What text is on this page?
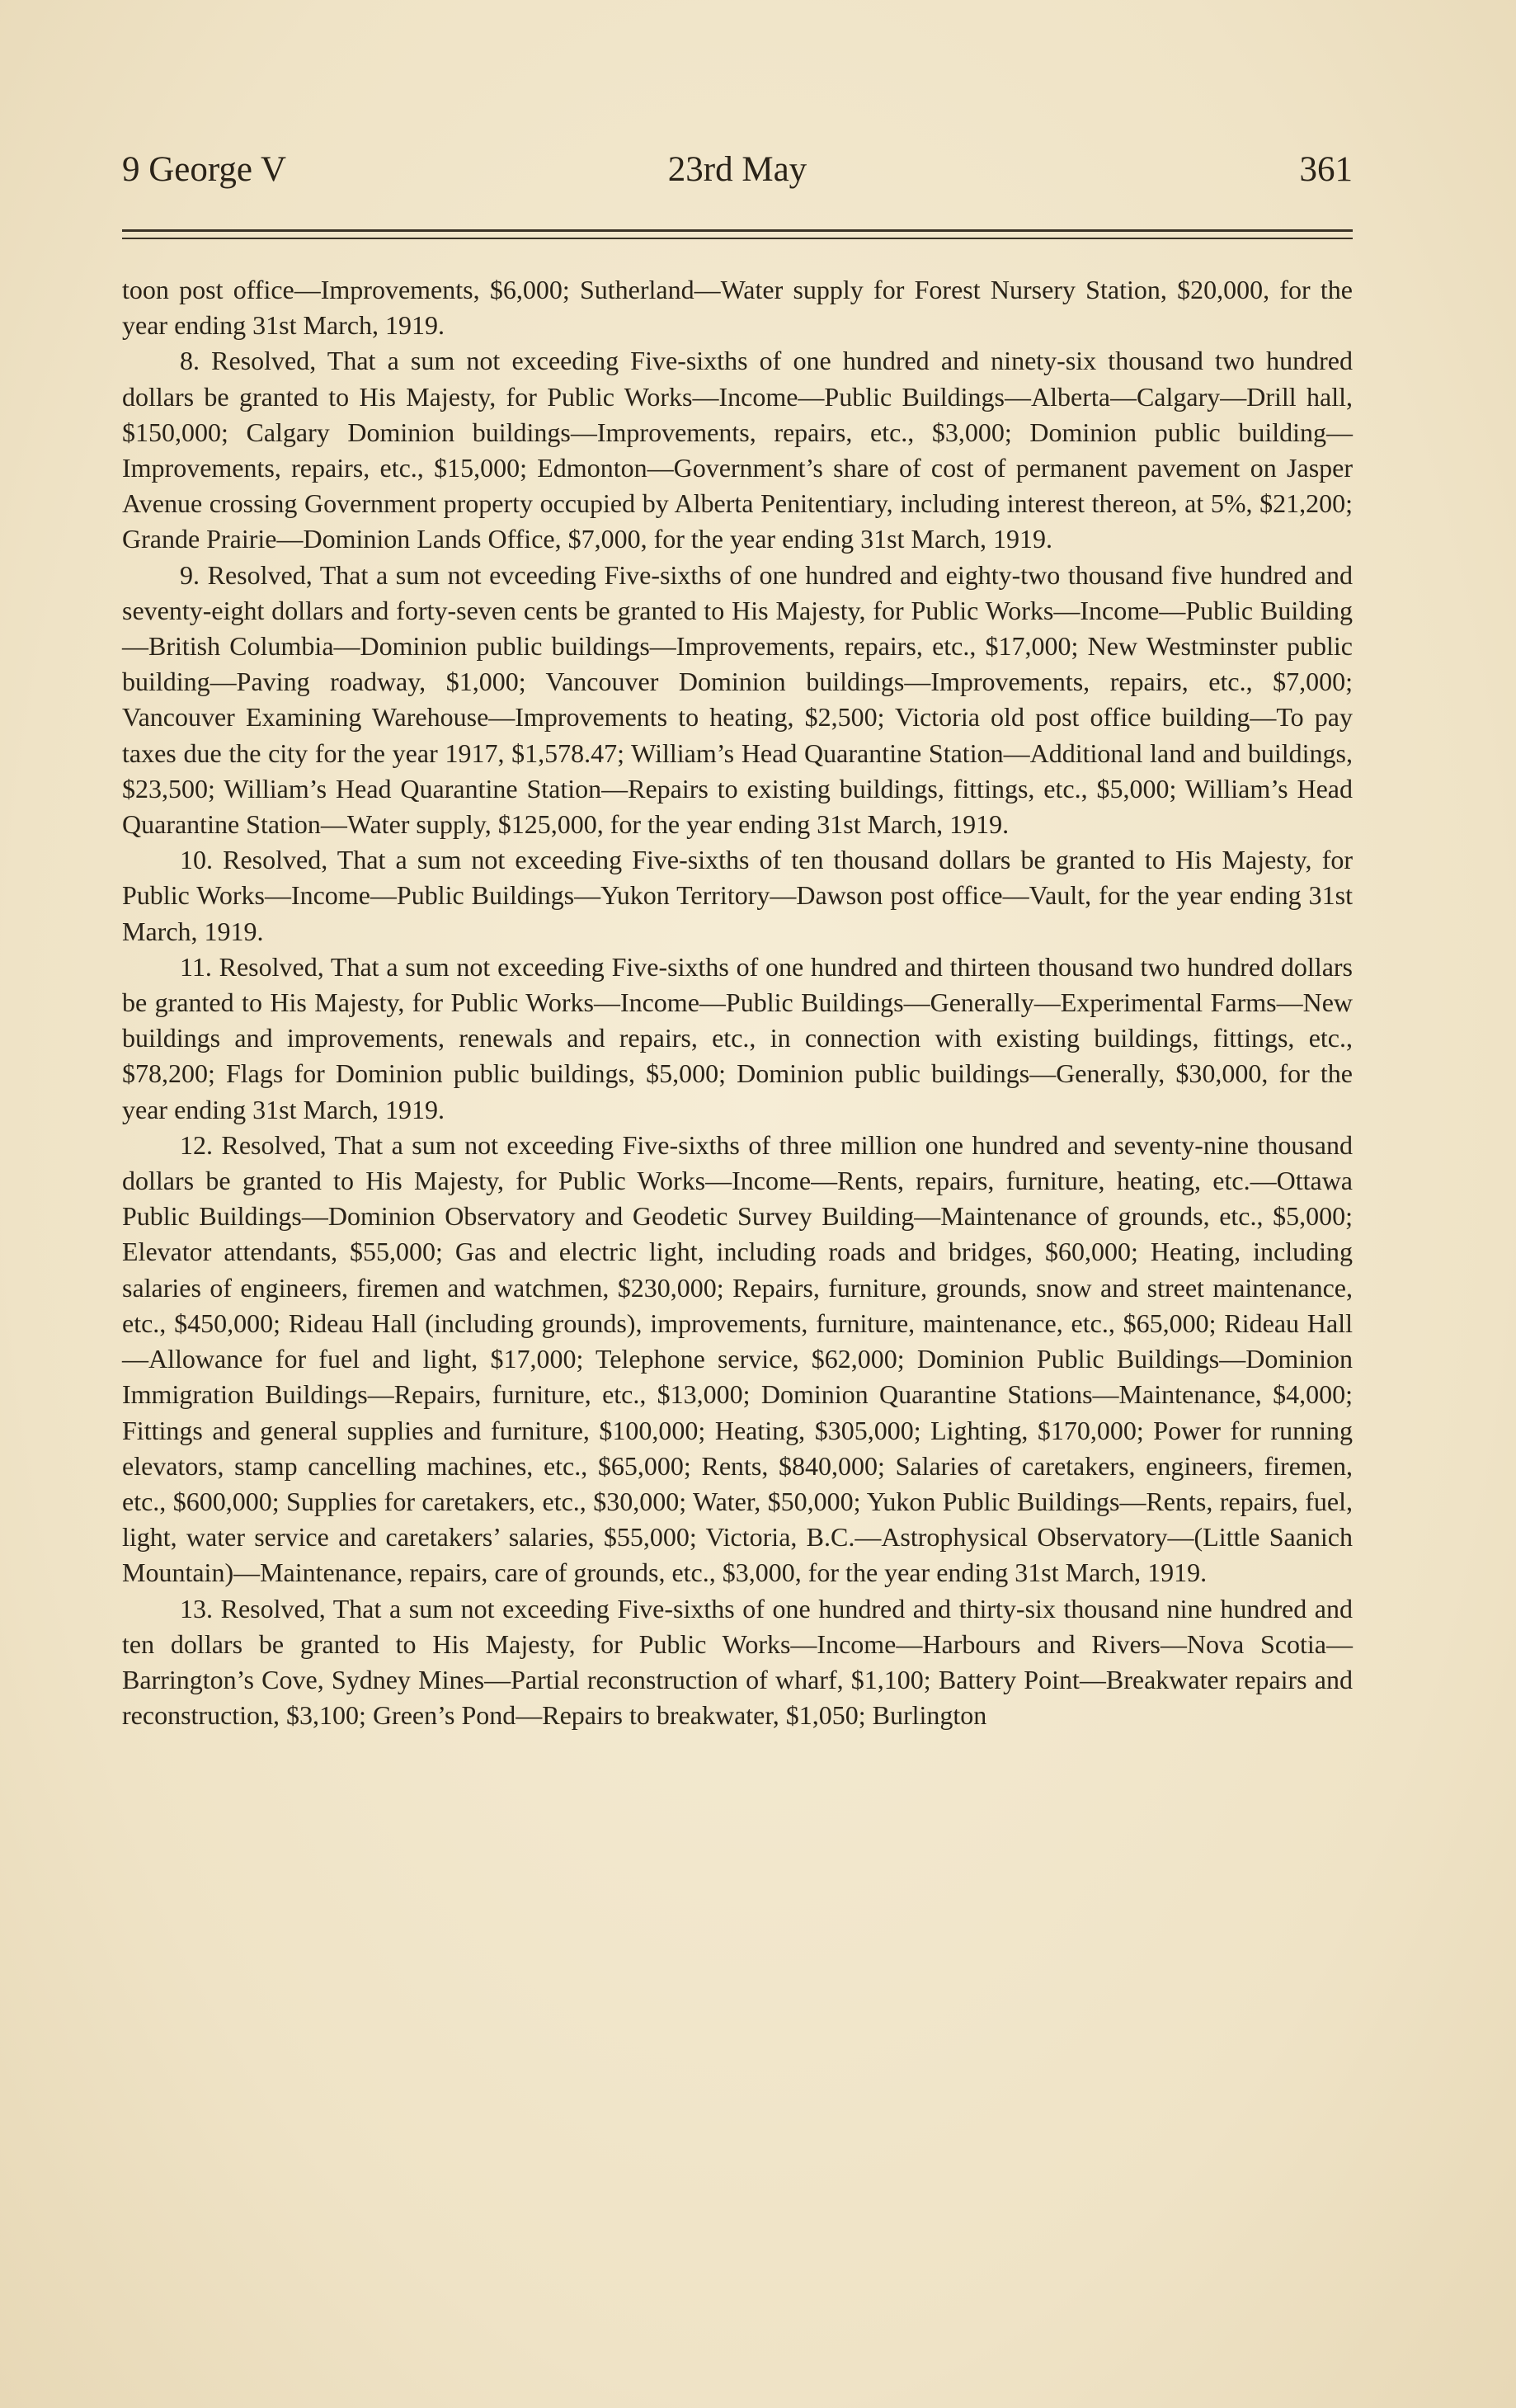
9 George V	23rd May	361

toon post office—Improvements, $6,000; Sutherland—Water supply for Forest Nursery Station, $20,000, for the year ending 31st March, 1919.

8. Resolved, That a sum not exceeding Five-sixths of one hundred and ninety-six thousand two hundred dollars be granted to His Majesty, for Public Works—Income—Public Buildings—Alberta—Calgary—Drill hall, $150,000; Calgary Dominion buildings—Improvements, repairs, etc., $3,000; Dominion public building—Improvements, repairs, etc., $15,000; Edmonton—Government’s share of cost of permanent pavement on Jasper Avenue crossing Government property occupied by Alberta Penitentiary, including interest thereon, at 5%, $21,200; Grande Prairie—Dominion Lands Office, $7,000, for the year ending 31st March, 1919.

9. Resolved, That a sum not evceeding Five-sixths of one hundred and eighty-two thousand five hundred and seventy-eight dollars and forty-seven cents be granted to His Majesty, for Public Works—Income—Public Building—British Columbia—Dominion public buildings—Improvements, repairs, etc., $17,000; New Westminster public building—Paving roadway, $1,000; Vancouver Dominion buildings—Improvements, repairs, etc., $7,000; Vancouver Examining Warehouse—Improvements to heating, $2,500; Victoria old post office building—To pay taxes due the city for the year 1917, $1,578.47; William’s Head Quarantine Station—Additional land and buildings, $23,500; William’s Head Quarantine Station—Repairs to existing buildings, fittings, etc., $5,000; William’s Head Quarantine Station—Water supply, $125,000, for the year ending 31st March, 1919.

10. Resolved, That a sum not exceeding Five-sixths of ten thousand dollars be granted to His Majesty, for Public Works—Income—Public Buildings—Yukon Territory—Dawson post office—Vault, for the year ending 31st March, 1919.

11. Resolved, That a sum not exceeding Five-sixths of one hundred and thirteen thousand two hundred dollars be granted to His Majesty, for Public Works—Income—Public Buildings—Generally—Experimental Farms—New buildings and improvements, renewals and repairs, etc., in connection with existing buildings, fittings, etc., $78,200; Flags for Dominion public buildings, $5,000; Dominion public buildings—Generally, $30,000, for the year ending 31st March, 1919.

12. Resolved, That a sum not exceeding Five-sixths of three million one hundred and seventy-nine thousand dollars be granted to His Majesty, for Public Works—Income—Rents, repairs, furniture, heating, etc.—Ottawa Public Buildings—Dominion Observatory and Geodetic Survey Building—Maintenance of grounds, etc., $5,000; Elevator attendants, $55,000; Gas and electric light, including roads and bridges, $60,000; Heating, including salaries of engineers, firemen and watchmen, $230,000; Repairs, furniture, grounds, snow and street maintenance, etc., $450,000; Rideau Hall (including grounds), improvements, furniture, maintenance, etc., $65,000; Rideau Hall—Allowance for fuel and light, $17,000; Telephone service, $62,000; Dominion Public Buildings—Dominion Immigration Buildings—Repairs, furniture, etc., $13,000; Dominion Quarantine Stations—Maintenance, $4,000; Fittings and general supplies and furniture, $100,000; Heating, $305,000; Lighting, $170,000; Power for running elevators, stamp cancelling machines, etc., $65,000; Rents, $840,000; Salaries of caretakers, engineers, firemen, etc., $600,000; Supplies for caretakers, etc., $30,000; Water, $50,000; Yukon Public Buildings—Rents, repairs, fuel, light, water service and caretakers’ salaries, $55,000; Victoria, B.C.—Astrophysical Observatory—(Little Saanich Mountain)—Maintenance, repairs, care of grounds, etc., $3,000, for the year ending 31st March, 1919.

13. Resolved, That a sum not exceeding Five-sixths of one hundred and thirty-six thousand nine hundred and ten dollars be granted to His Majesty, for Public Works—Income—Harbours and Rivers—Nova Scotia—Barrington’s Cove, Sydney Mines—Partial reconstruction of wharf, $1,100; Battery Point—Breakwater repairs and reconstruction, $3,100; Green’s Pond—Repairs to breakwater, $1,050; Burlington
